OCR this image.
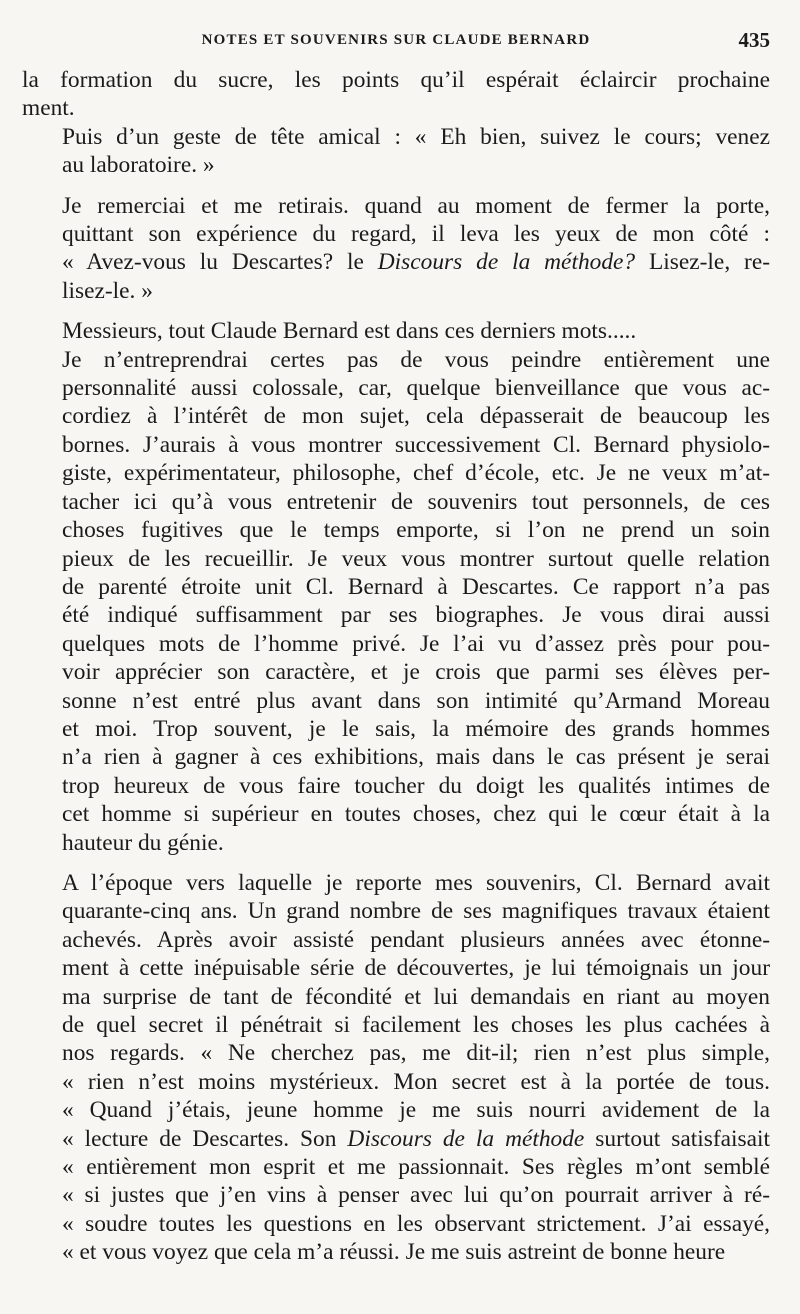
NOTES ET SOUVENIRS SUR CLAUDE BERNARD	435

la formation du sucre, les points qu’il espérait éclaircir prochaine
ment.

Puis d’un geste de tête amical : « Eh bien, suivez le cours; venez
au laboratoire. »

Je remerciai et me retirais. quand au moment de fermer la porte,
quittant son expérience du regard, il leva les yeux de mon côté :
« Avez-vous lu Descartes? le Discours de la méthode? Lisez-le, re-
lisez-le. »

Messieurs, tout Claude Bernard est dans ces derniers mots.....

Je n’entreprendrai certes pas de vous peindre entièrement une
personnalité aussi colossale, car, quelque bienveillance que vous ac-
cordiez à l’intérêt de mon sujet, cela dépasserait de beaucoup les
bornes. J’aurais à vous montrer successivement Cl. Bernard physiolo-
giste, expérimentateur, philosophe, chef d’école, etc. Je ne veux m’at-
tacher ici qu’à vous entretenir de souvenirs tout personnels, de ces
choses fugitives que le temps emporte, si l’on ne prend un soin
pieux de les recueillir. Je veux vous montrer surtout quelle relation
de parenté étroite unit Cl. Bernard à Descartes. Ce rapport n’a pas
été indiqué suffisamment par ses biographes. Je vous dirai aussi
quelques mots de l’homme privé. Je l’ai vu d’assez près pour pou-
voir apprécier son caractère, et je crois que parmi ses élèves per-
sonne n’est entré plus avant dans son intimité qu’Armand Moreau
et moi. Trop souvent, je le sais, la mémoire des grands hommes
n’a rien à gagner à ces exhibitions, mais dans le cas présent je serai
trop heureux de vous faire toucher du doigt les qualités intimes de
cet homme si supérieur en toutes choses, chez qui le cœur était à la
hauteur du génie.

A l’époque vers laquelle je reporte mes souvenirs, Cl. Bernard avait
quarante-cinq ans. Un grand nombre de ses magnifiques travaux étaient
achevés. Après avoir assisté pendant plusieurs années avec étonne-
ment à cette inépuisable série de découvertes, je lui témoignais un jour
ma surprise de tant de fécondité et lui demandais en riant au moyen
de quel secret il pénétrait si facilement les choses les plus cachées à
nos regards. « Ne cherchez pas, me dit-il; rien n’est plus simple,
« rien n’est moins mystérieux. Mon secret est à la portée de tous.
« Quand j’étais, jeune homme je me suis nourri avidement de la
« lecture de Descartes. Son Discours de la méthode surtout satisfaisait
« entièrement mon esprit et me passionnait. Ses règles m’ont semblé
« si justes que j’en vins à penser avec lui qu’on pourrait arriver à ré-
« soudre toutes les questions en les observant strictement. J’ai essayé,
« et vous voyez que cela m’a réussi. Je me suis astreint de bonne heure
